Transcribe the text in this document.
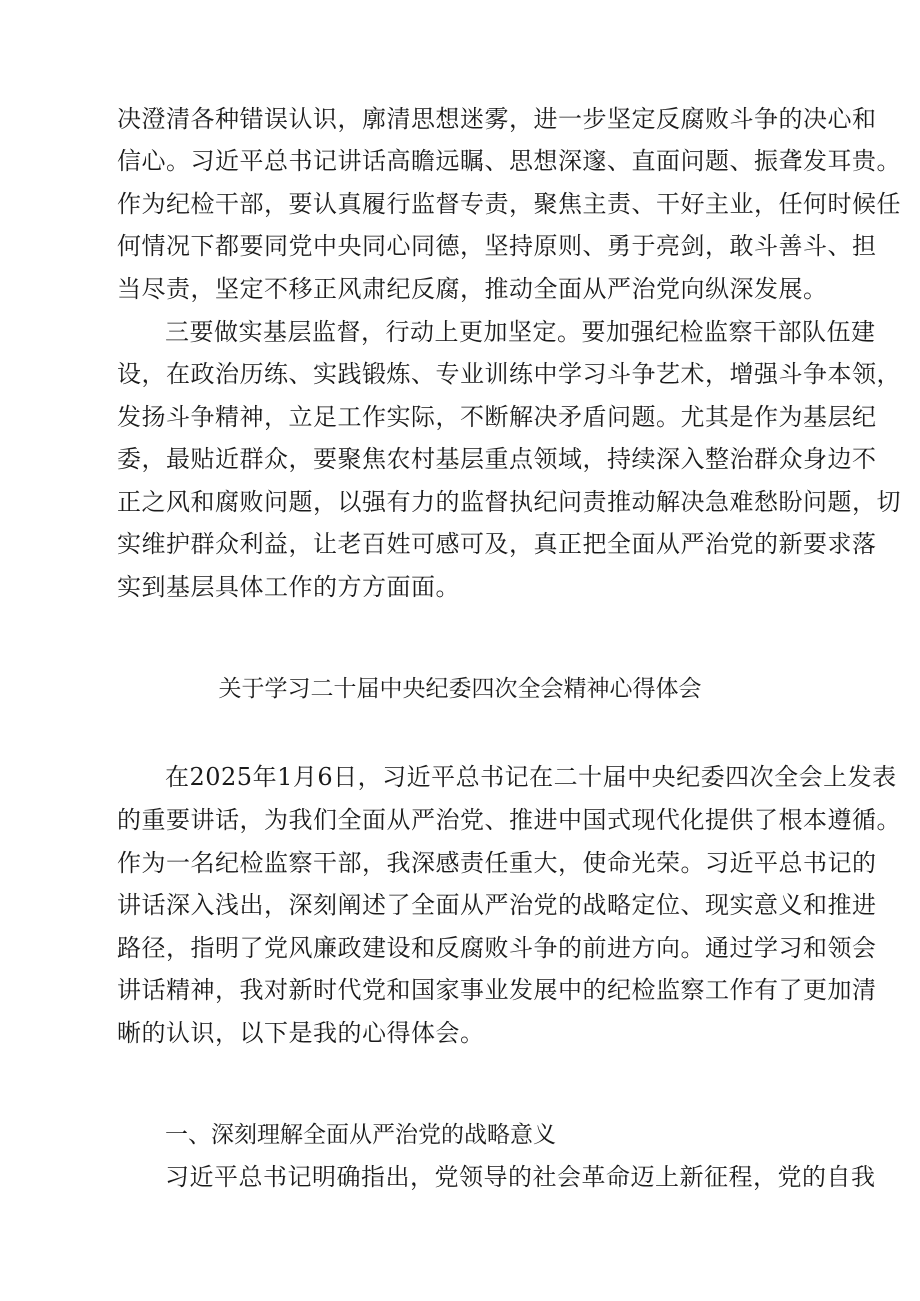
决澄清各种错误认识，廓清思想迷雾，进一步坚定反腐败斗争的决心和
信心。习近平总书记讲话高瞻远瞩、思想深邃、直面问题、振聋发耳贵。
作为纪检干部，要认真履行监督专责，聚焦主责、干好主业，任何时候任
何情况下都要同党中央同心同德，坚持原则、勇于亮剑，敢斗善斗、担
当尽责，坚定不移正风肃纪反腐，推动全面从严治党向纵深发展。
三要做实基层监督，行动上更加坚定。要加强纪检监察干部队伍建
设，在政治历练、实践锻炼、专业训练中学习斗争艺术，增强斗争本领，
发扬斗争精神，立足工作实际，不断解决矛盾问题。尤其是作为基层纪
委，最贴近群众，要聚焦农村基层重点领域，持续深入整治群众身边不
正之风和腐败问题，以强有力的监督执纪问责推动解决急难愁盼问题，切
实维护群众利益，让老百姓可感可及，真正把全面从严治党的新要求落
实到基层具体工作的方方面面。
关于学习二十届中央纪委四次全会精神心得体会
在2025年1月6日，习近平总书记在二十届中央纪委四次全会上发表
的重要讲话，为我们全面从严治党、推进中国式现代化提供了根本遵循。
作为一名纪检监察干部，我深感责任重大，使命光荣。习近平总书记的
讲话深入浅出，深刻阐述了全面从严治党的战略定位、现实意义和推进
路径，指明了党风廉政建设和反腐败斗争的前进方向。通过学习和领会
讲话精神，我对新时代党和国家事业发展中的纪检监察工作有了更加清
晰的认识，以下是我的心得体会。
一、深刻理解全面从严治党的战略意义
习近平总书记明确指出，党领导的社会革命迈上新征程，党的自我
